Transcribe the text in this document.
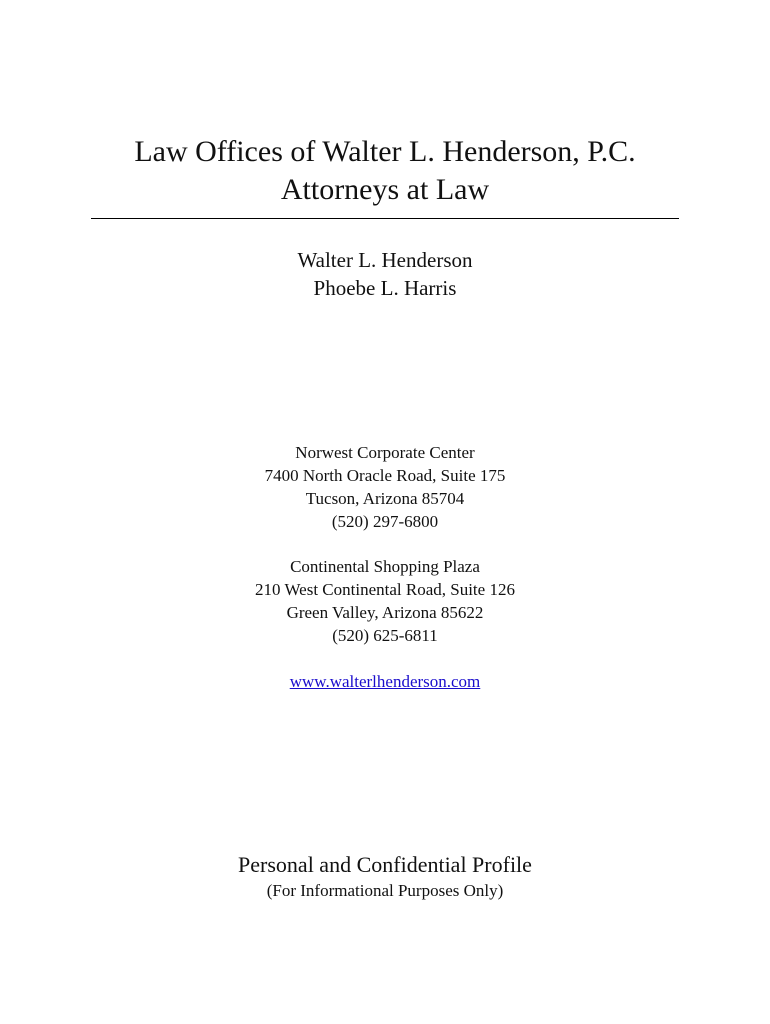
Law Offices of Walter L. Henderson, P.C.
Attorneys at Law
Walter L. Henderson
Phoebe L. Harris
Norwest Corporate Center
7400 North Oracle Road, Suite 175
Tucson, Arizona 85704
(520) 297-6800
Continental Shopping Plaza
210 West Continental Road, Suite 126
Green Valley, Arizona 85622
(520) 625-6811
www.walterlhenderson.com
Personal and Confidential Profile
(For Informational Purposes Only)
